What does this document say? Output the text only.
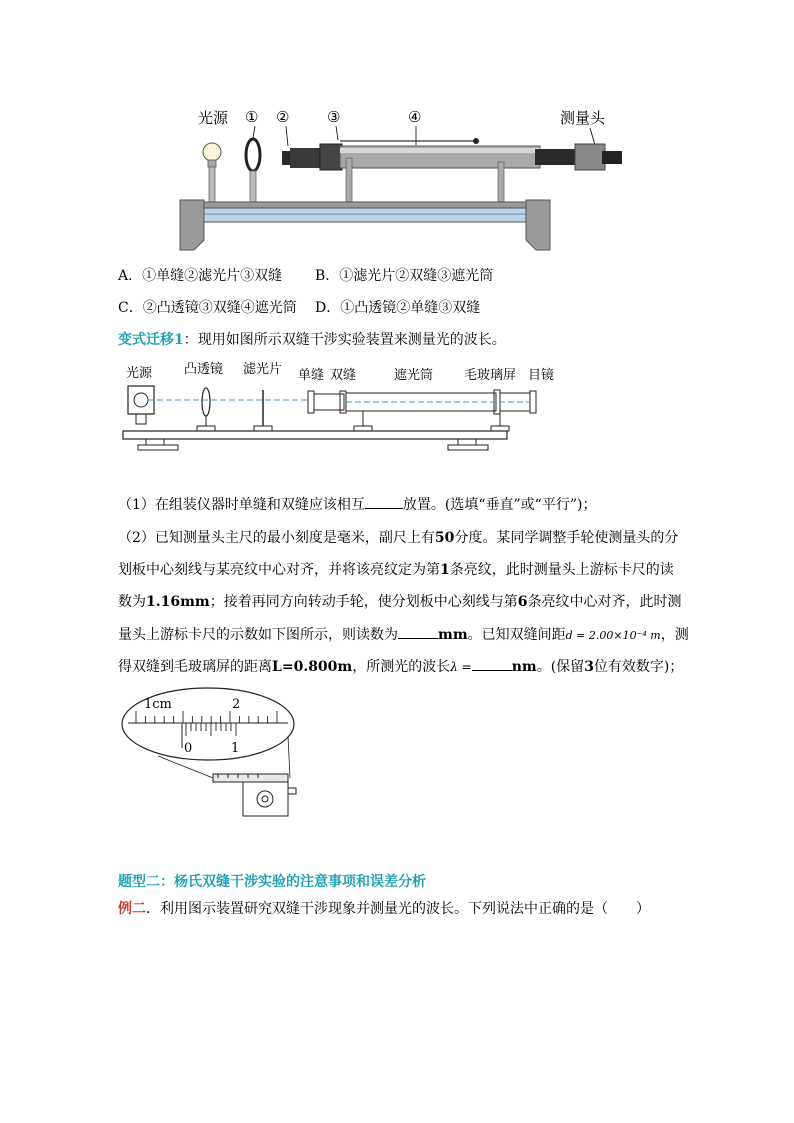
光源 ① ②	③	④	测量头
A．①单缝②滤光片③双缝 B．①滤光片②双缝③遮光筒
C．②凸透镜③双缝④遮光筒 D．①凸透镜②单缝③双缝
变式迁移1：现用如图所示双缝干涉实验装置来测量光的波长。
光源 凸透镜 滤光片 单缝 双缝	遮光筒 毛玻璃屏 目镜
（1）在组装仪器时单缝和双缝应该相互	放置。(选填“垂直”或“平行”)；
（2）已知测量头主尺的最小刻度是毫米，副尺上有50分度。某同学调整手轮使测量头的分
划板中心刻线与某亮纹中心对齐，并将该亮纹定为第1条亮纹，此时测量头上游标卡尺的读
数为1.16mm；接着再同方向转动手轮，使分划板中心刻线与第6条亮纹中心对齐，此时测
量头上游标卡尺的示数如下图所示，则读数为	mm。已知双缝间距d = 2.00×10⁻⁴ m，测
得双缝到毛玻璃屏的距离L=0.800m，所测光的波长λ =	nm。(保留3位有效数字)；
1cm	2
0	1
题型二：杨氏双缝干涉实验的注意事项和误差分析
例二．利用图示装置研究双缝干涉现象并测量光的波长。下列说法中正确的是（　　）
